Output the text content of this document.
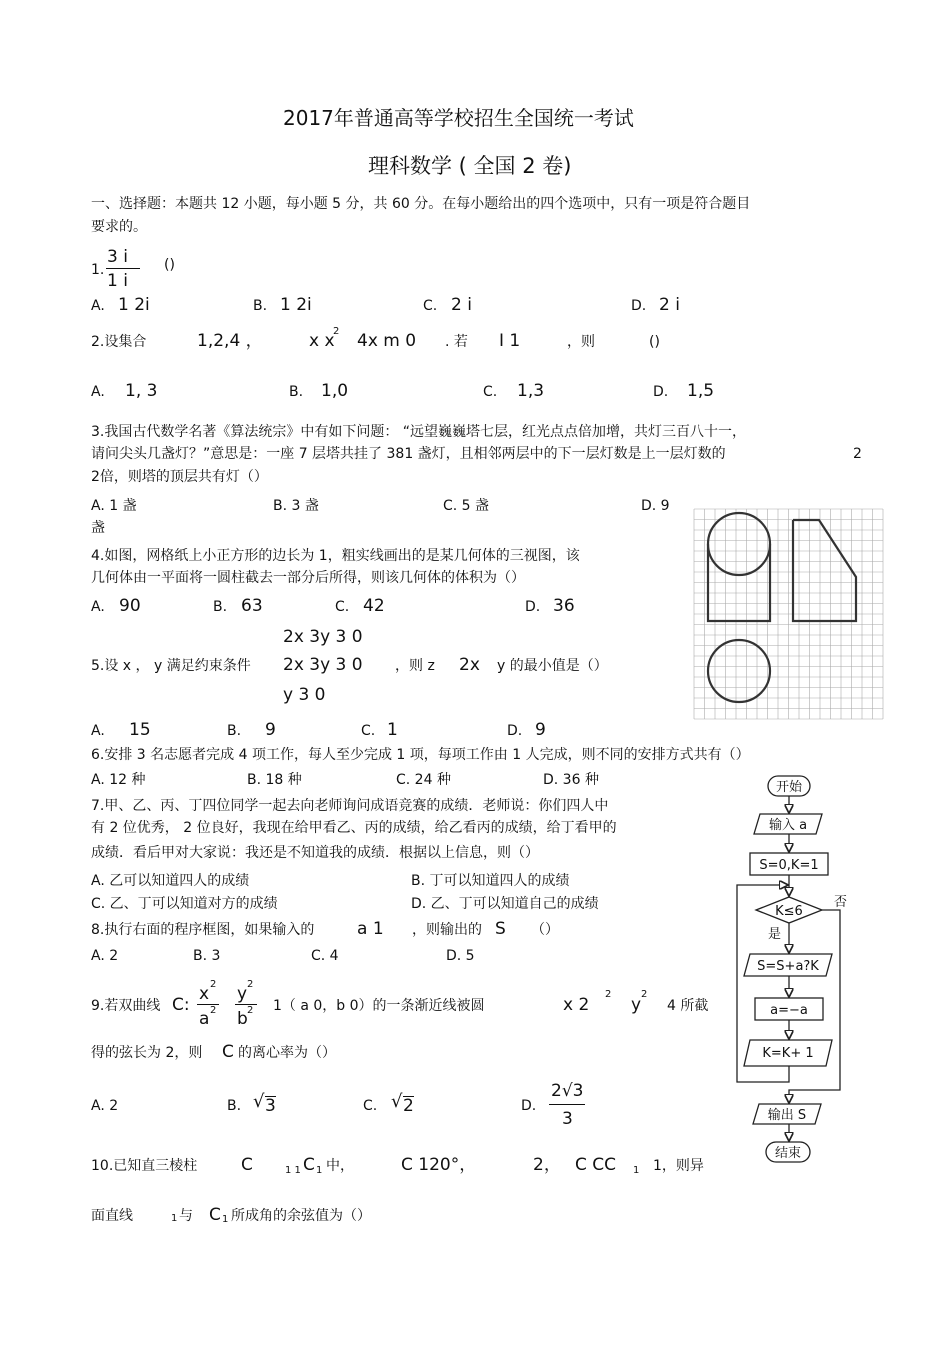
2017年普通高等学校招生全国统一考试
理科数学 ( 全国 2 卷)
一、选择题：本题共 12 小题，每小题 5 分，共 60 分。在每小题给出的四个选项中，只有一项是符合题目
要求的。
1.
3 i
1 i
()
A. 1 2i	B. 1 2i	C. 2 i	D. 2 i
2.设集合	1,2,4 ，	x x
2 4x m 0 . 若 I 1	，则	()
A. 1, 3	B. 1,0	C. 1,3	D. 1,5
3.我国古代数学名著《算法统宗》中有如下问题： “远望巍巍塔七层，红光点点倍加增，共灯三百八十一，
请问尖头几盏灯？”意思是：一座 7 层塔共挂了 381 盏灯，且相邻两层中的下一层灯数是上一层灯数的	2
2倍，则塔的顶层共有灯（）
A. 1 盏	B. 3 盏	C. 5 盏	D. 9
盏
4.如图，网格纸上小正方形的边长为 1，粗实线画出的是某几何体的三视图，该
几何体由一平面将一圆柱截去一部分后所得，则该几何体的体积为（）
A. 90	B. 63	C. 42	D. 36
2x 3y 3 0
5.设 x ， y 满足约束条件 2x 3y 3 0 ，则 z 2x y 的最小值是（）
y 3 0
A. 15	B. 9	C. 1	D. 9
6.安排 3 名志愿者完成 4 项工作，每人至少完成 1 项，每项工作由 1 人完成，则不同的安排方式共有（）
A. 12 种	B. 18 种	C. 24 种	D. 36 种
7.甲、乙、丙、丁四位同学一起去向老师询问成语竞赛的成绩．老师说：你们四人中
有 2 位优秀， 2 位良好，我现在给甲看乙、丙的成绩，给乙看丙的成绩，给丁看甲的
成绩．看后甲对大家说：我还是不知道我的成绩．根据以上信息，则（）
A. 乙可以知道四人的成绩	B. 丁可以知道四人的成绩
C. 乙、丁可以知道对方的成绩	D. 乙、丁可以知道自己的成绩
8.执行右面的程序框图，如果输入的	a 1 ，则输出的 S （）
A. 2	B. 3	C. 4	D. 5
9.若双曲线 C:
x 2
a 2
y 2
b 2 1（ a 0，b 0）的一条渐近线被圆	x 2
2
y
2
4 所截
得的弦长为 2，则 C 的离心率为（）
A. 2	B. √ 3	C. √ 2	D.
2√3
3
10.已知直三棱柱	C	1 1 C 1 中，	C 120°，	2， C CC 1 1，则异
面直线	1 与 C 1 所成角的余弦值为（）
开始
输入 a
S=0,K=1
K≤6
否
是
S=S+a?K
a=−a
K=K+ 1
输出 S
结束
